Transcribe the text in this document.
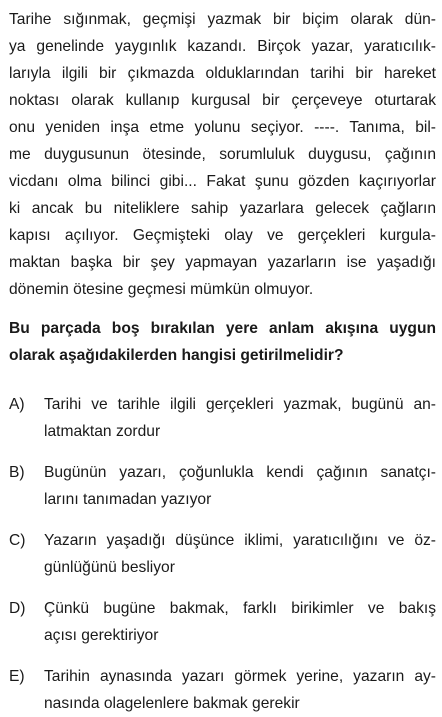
Tarihe sığınmak, geçmişi yazmak bir biçim olarak dün-
ya genelinde yaygınlık kazandı. Birçok yazar, yaratıcılık-
larıyla ilgili bir çıkmazda olduklarından tarihi bir hareket
noktası olarak kullanıp kurgusal bir çerçeveye oturtarak
onu yeniden inşa etme yolunu seçiyor. ----. Tanıma, bil-
me duygusunun ötesinde, sorumluluk duygusu, çağının
vicdanı olma bilinci gibi... Fakat şunu gözden kaçırıyorlar
ki ancak bu niteliklere sahip yazarlara gelecek çağların
kapısı açılıyor. Geçmişteki olay ve gerçekleri kurgula-
maktan başka bir şey yapmayan yazarların ise yaşadığı
dönemin ötesine geçmesi mümkün olmuyor.
Bu parçada boş bırakılan yere anlam akışına uygun
olarak aşağıdakilerden hangisi getirilmelidir?
A) Tarihi ve tarihle ilgili gerçekleri yazmak, bugünü an-
latmaktan zordur
B) Bugünün yazarı, çoğunlukla kendi çağının sanatçı-
larını tanımadan yazıyor
C) Yazarın yaşadığı düşünce iklimi, yaratıcılığını ve öz-
günlüğünü besliyor
D) Çünkü bugüne bakmak, farklı birikimler ve bakış
açısı gerektiriyor
E) Tarihin aynasında yazarı görmek yerine, yazarın ay-
nasında olagelenlere bakmak gerekir
